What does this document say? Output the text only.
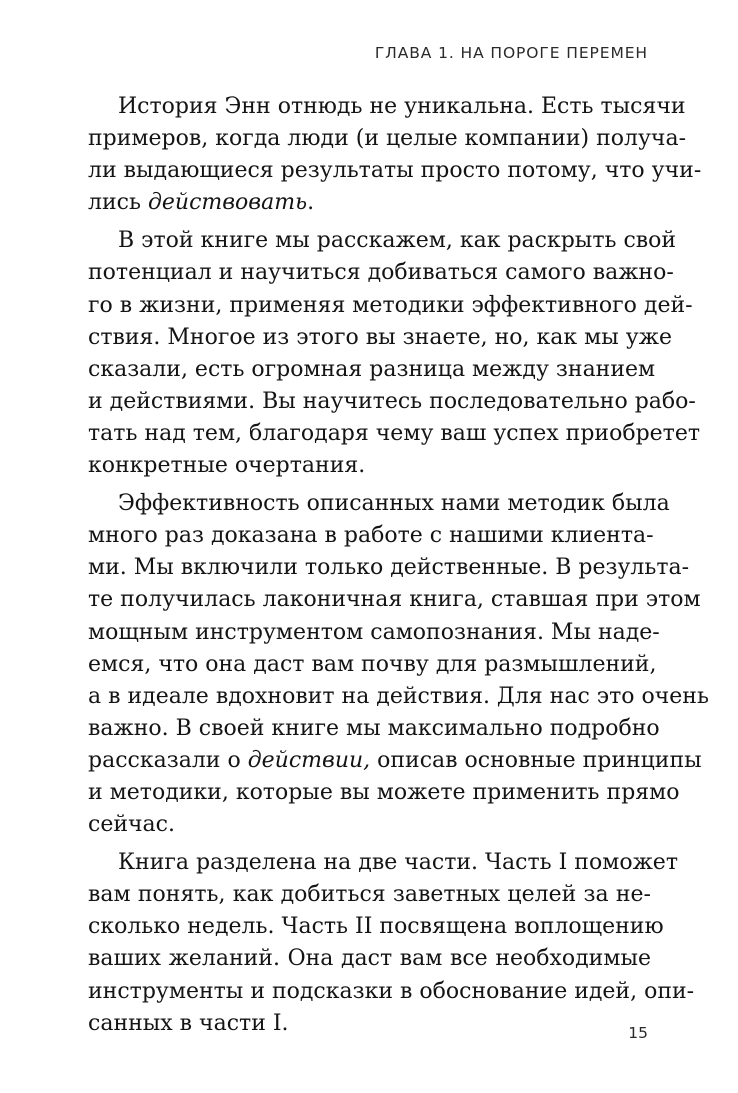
ГЛАВА 1. НА ПОРОГЕ ПЕРЕМЕН
История Энн отнюдь не уникальна. Есть тысячи
примеров, когда люди (и целые компании) получа-
ли выдающиеся результаты просто потому, что учи-
лись действовать.
В этой книге мы расскажем, как раскрыть свой
потенциал и научиться добиваться самого важно-
го в жизни, применяя методики эффективного дей-
ствия. Многое из этого вы знаете, но, как мы уже
сказали, есть огромная разница между знанием
и действиями. Вы научитесь последовательно рабо-
тать над тем, благодаря чему ваш успех приобретет
конкретные очертания.
Эффективность описанных нами методик была
много раз доказана в работе с нашими клиента-
ми. Мы включили только действенные. В результа-
те получилась лаконичная книга, ставшая при этом
мощным инструментом самопознания. Мы наде-
емся, что она даст вам почву для размышлений,
а в идеале вдохновит на действия. Для нас это очень
важно. В своей книге мы максимально подробно
рассказали о действии, описав основные принципы
и методики, которые вы можете применить прямо
сейчас.
Книга разделена на две части. Часть I поможет
вам понять, как добиться заветных целей за не-
сколько недель. Часть II посвящена воплощению
ваших желаний. Она даст вам все необходимые
инструменты и подсказки в обоснование идей, опи-
санных в части I.	15
